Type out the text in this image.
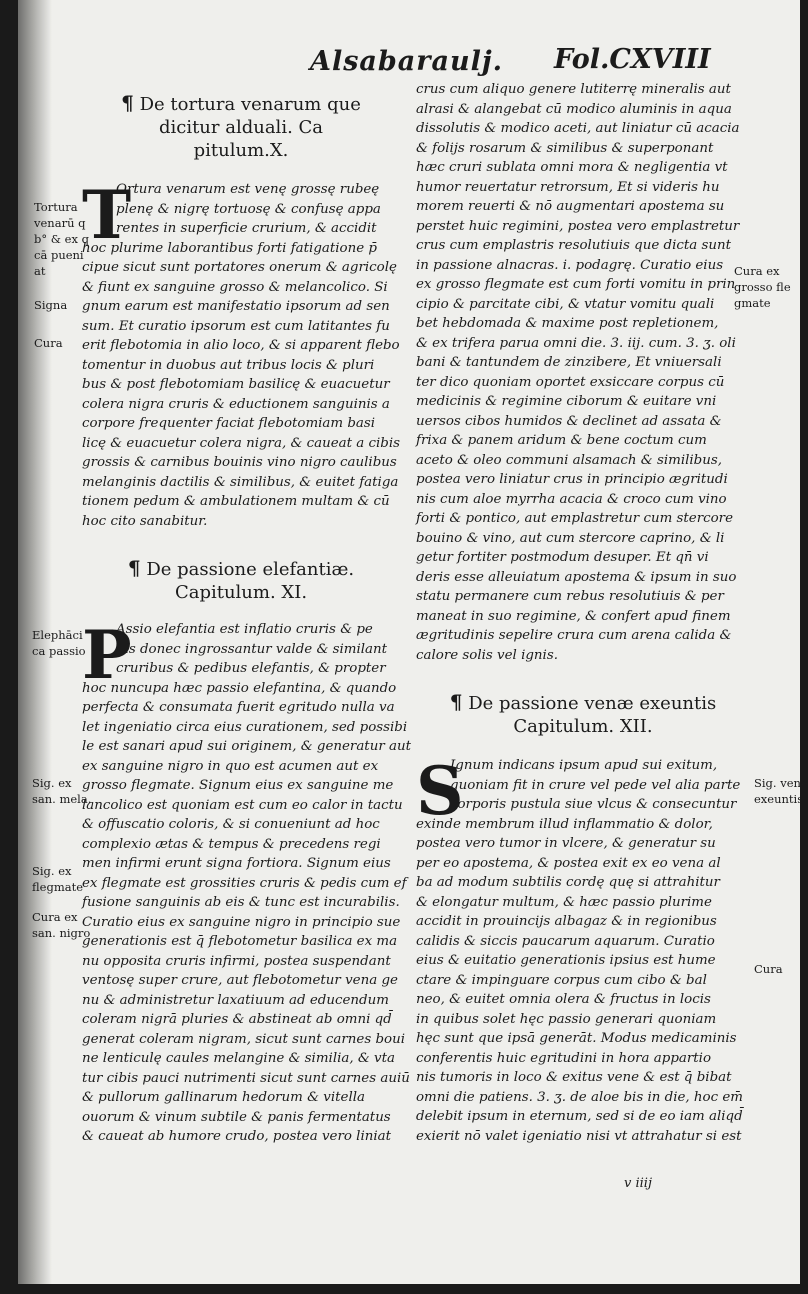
Alsabaraulj. Fol.CXVIII
Tortura
venarū q
b° & ex q
cā pueni
at
Signa
Cura
Elephāci
ca passio
Sig. ex
san. mela.
Sig. ex
flegmate
Cura ex
san. nigro
Cura ex
grosso fle
gmate
Sig. venę
exeuntis
Cura
¶ De tortura venarum que
dicitur alduali. Ca
pitulum.X.
T
Ortura venarum est venę grossę rubeę
plenę & nigrę tortuosę & confusę appa
rentes in superficie crurium, & accidit
hoc plurime laborantibus forti fatigatione p̄
cipue sicut sunt portatores onerum & agricolę
& fiunt ex sanguine grosso & melancolico. Si
gnum earum est manifestatio ipsorum ad sen
sum. Et curatio ipsorum est cum latitantes fu
erit flebotomia in alio loco, & si apparent flebo
tomentur in duobus aut tribus locis & pluri
bus & post flebotomiam basilicę & euacuetur
colera nigra cruris & eductionem sanguinis a
corpore frequenter faciat flebotomiam basi
licę & euacuetur colera nigra, & caueat a cibis
grossis & carnibus bouinis vino nigro caulibus
melanginis dactilis & similibus, & euitet fatiga
tionem pedum & ambulationem multam & cū
hoc cito sanabitur.
¶ De passione elefantiæ.
Capitulum. XI.
P
Assio elefantia est inflatio cruris & pe
dis donec ingrossantur valde & similant
cruribus & pedibus elefantis, & propter
hoc nuncupa hæc passio elefantina, & quando
perfecta & consumata fuerit egritudo nulla va
let ingeniatio circa eius curationem, sed possibi
le est sanari apud sui originem, & generatur aut
ex sanguine nigro in quo est acumen aut ex
grosso flegmate. Signum eius ex sanguine me
lancolico est quoniam est cum eo calor in tactu
& offuscatio coloris, & si conueniunt ad hoc
complexio ætas & tempus & precedens regi
men infirmi erunt signa fortiora. Signum eius
ex flegmate est grossities cruris & pedis cum ef
fusione sanguinis ab eis & tunc est incurabilis.
Curatio eius ex sanguine nigro in principio sue
generationis est q̄ flebotometur basilica ex ma
nu opposita cruris infirmi, postea suspendant
ventosę super crure, aut flebotometur vena ge
nu & administretur laxatiuum ad educendum
coleram nigrā pluries & abstineat ab omni qd̄
generat coleram nigram, sicut sunt carnes boui
ne lenticulę caules melangine & similia, & vta
tur cibis pauci nutrimenti sicut sunt carnes auiū
& pullorum gallinarum hedorum & vitella
ouorum & vinum subtile & panis fermentatus
& caueat ab humore crudo, postea vero liniat
crus cum aliquo genere lutiterrę mineralis aut
alrasi & alangebat cū modico aluminis in aqua
dissolutis & modico aceti, aut liniatur cū acacia
& folijs rosarum & similibus & superponant
hæc cruri sublata omni mora & negligentia vt
humor reuertatur retrorsum, Et si videris hu
morem reuerti & nō augmentari apostema su
perstet huic regimini, postea vero emplastretur
crus cum emplastris resolutiuis que dicta sunt
in passione alnacras. i. podagrę. Curatio eius
ex grosso flegmate est cum forti vomitu in prin
cipio & parcitate cibi, & vtatur vomitu quali
bet hebdomada & maxime post repletionem,
& ex trifera parua omni die. 3. iij. cum. 3. ʒ. oli
bani & tantundem de zinzibere, Et vniuersali
ter dico quoniam oportet exsiccare corpus cū
medicinis & regimine ciborum & euitare vni
uersos cibos humidos & declinet ad assata &
frixa & panem aridum & bene coctum cum
aceto & oleo communi alsamach & similibus,
postea vero liniatur crus in principio ægritudi
nis cum aloe myrrha acacia & croco cum vino
forti & pontico, aut emplastretur cum stercore
bouino & vino, aut cum stercore caprino, & li
getur fortiter postmodum desuper. Et qn̄ vi
deris esse alleuiatum apostema & ipsum in suo
statu permanere cum rebus resolutiuis & per
maneat in suo regimine, & confert apud finem
ægritudinis sepelire crura cum arena calida &
calore solis vel ignis.
¶ De passione venæ exeuntis
Capitulum. XII.
S
Ignum indicans ipsum apud sui exitum,
quoniam fit in crure vel pede vel alia parte
corporis pustula siue vlcus & consecuntur
exinde membrum illud inflammatio & dolor,
postea vero tumor in vlcere, & generatur su
per eo apostema, & postea exit ex eo vena al
ba ad modum subtilis cordę quę si attrahitur
& elongatur multum, & hæc passio plurime
accidit in prouincijs albagaz & in regionibus
calidis & siccis paucarum aquarum. Curatio
eius & euitatio generationis ipsius est hume
ctare & impinguare corpus cum cibo & bal
neo, & euitet omnia olera & fructus in locis
in quibus solet hęc passio generari quoniam
hęc sunt que ipsā generāt. Modus medicaminis
conferentis huic egritudini in hora appartio
nis tumoris in loco & exitus vene & est q̄ bibat
omni die patiens. 3. ʒ. de aloe bis in die, hoc em̄
delebit ipsum in eternum, sed si de eo iam aliqd̄
exierit nō valet igeniatio nisi vt attrahatur si est
v iiij
